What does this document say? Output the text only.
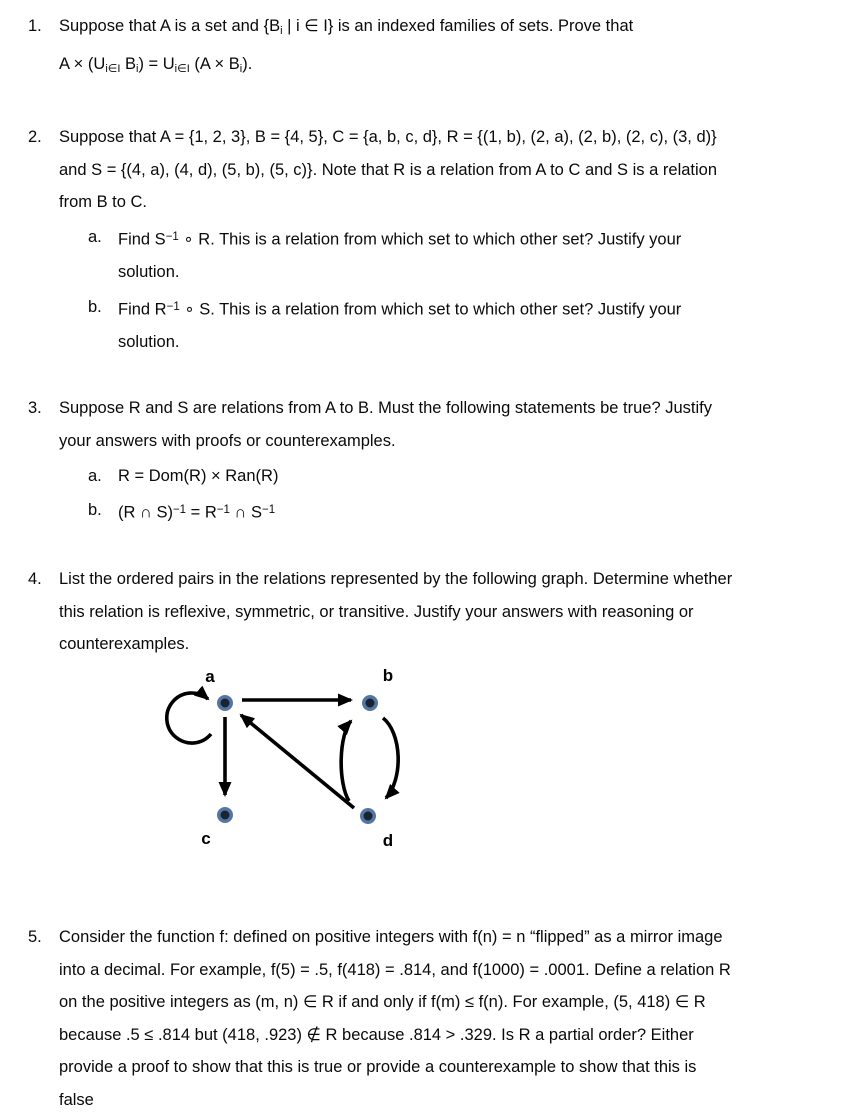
1.	Suppose that A is a set and {$B_i$ | i ∈ I} is an indexed families of sets. Prove that
$A \times (U_{i\in I}$ $B_i) = U_{i\in I}$ $(A \times B_i)$.
2.	Suppose that A = {1, 2, 3}, B = {4, 5}, C = {a, b, c, d}, R = {(1, b), (2, a), (2, b), (2, c), (3, d)}
and S = {(4, a), (4, d), (5, b), (5, c)}. Note that R is a relation from A to C and S is a relation
from B to C.
a. Find $S^{-1}$ ∘ R. This is a relation from which set to which other set? Justify your
solution.
b. Find $R^{-1}$ ∘ S. This is a relation from which set to which other set? Justify your
solution.
3.	Suppose R and S are relations from A to B. Must the following statements be true? Justify
your answers with proofs or counterexamples.
a. R = Dom(R) × Ran(R)
b. (R ∩ $S)^{-1} = R^{-1}$ ∩ $S^{-1}$
4.	List the ordered pairs in the relations represented by the following graph. Determine whether
this relation is reflexive, symmetric, or transitive. Justify your answers with reasoning or
counterexamples.
a	b
c	d
5.	Consider the function f: defined on positive integers with f(n) = n “flipped” as a mirror image
into a decimal. For example, f(5) = .5, f(418) = .814, and f(1000) = .0001. Define a relation R
on the positive integers as (m, n) ∈ R if and only if f(m) ≤ f(n). For example, (5, 418) ∈ R
because .5 ≤ .814 but (418, .923) ∉ R because .814 > .329. Is R a partial order? Either
provide a proof to show that this is true or provide a counterexample to show that this is
false
